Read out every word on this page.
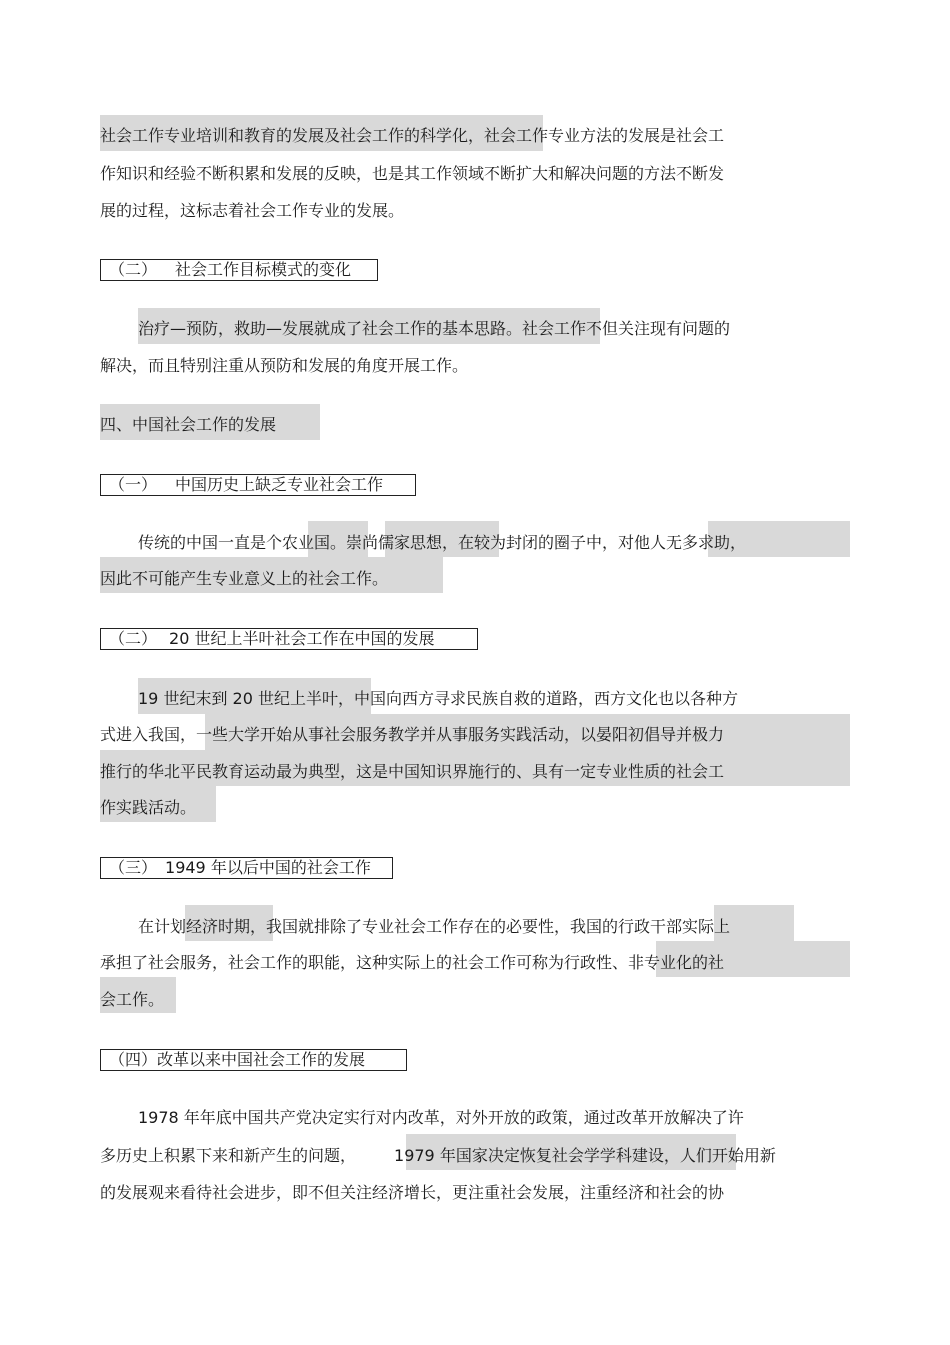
社会工作专业培训和教育的发展及社会工作的科学化，社会工作专业方法的发展是社会工
作知识和经验不断积累和发展的反映，也是其工作领域不断扩大和解决问题的方法不断发
展的过程，这标志着社会工作专业的发展。
（二） 社会工作目标模式的变化
治疗—预防，救助—发展就成了社会工作的基本思路。社会工作不但关注现有问题的
解决，而且特别注重从预防和发展的角度开展工作。
四、中国社会工作的发展
（一） 中国历史上缺乏专业社会工作
传统的中国一直是个农业国。崇尚儒家思想，在较为封闭的圈子中，对他人无多求助，
因此不可能产生专业意义上的社会工作。
（二） 20 世纪上半叶社会工作在中国的发展
19 世纪末到 20 世纪上半叶，中国向西方寻求民族自救的道路，西方文化也以各种方
式进入我国，一些大学开始从事社会服务教学并从事服务实践活动，以晏阳初倡导并极力
推行的华北平民教育运动最为典型，这是中国知识界施行的、具有一定专业性质的社会工
作实践活动。
（三） 1949 年以后中国的社会工作
在计划经济时期，我国就排除了专业社会工作存在的必要性，我国的行政干部实际上
承担了社会服务，社会工作的职能，这种实际上的社会工作可称为行政性、非专业化的社
会工作。
（四）改革以来中国社会工作的发展
1978 年年底中国共产党决定实行对内改革，对外开放的政策，通过改革开放解决了许
多历史上积累下来和新产生的问题， 1979 年国家决定恢复社会学学科建设，人们开始用新
的发展观来看待社会进步，即不但关注经济增长，更注重社会发展，注重经济和社会的协
